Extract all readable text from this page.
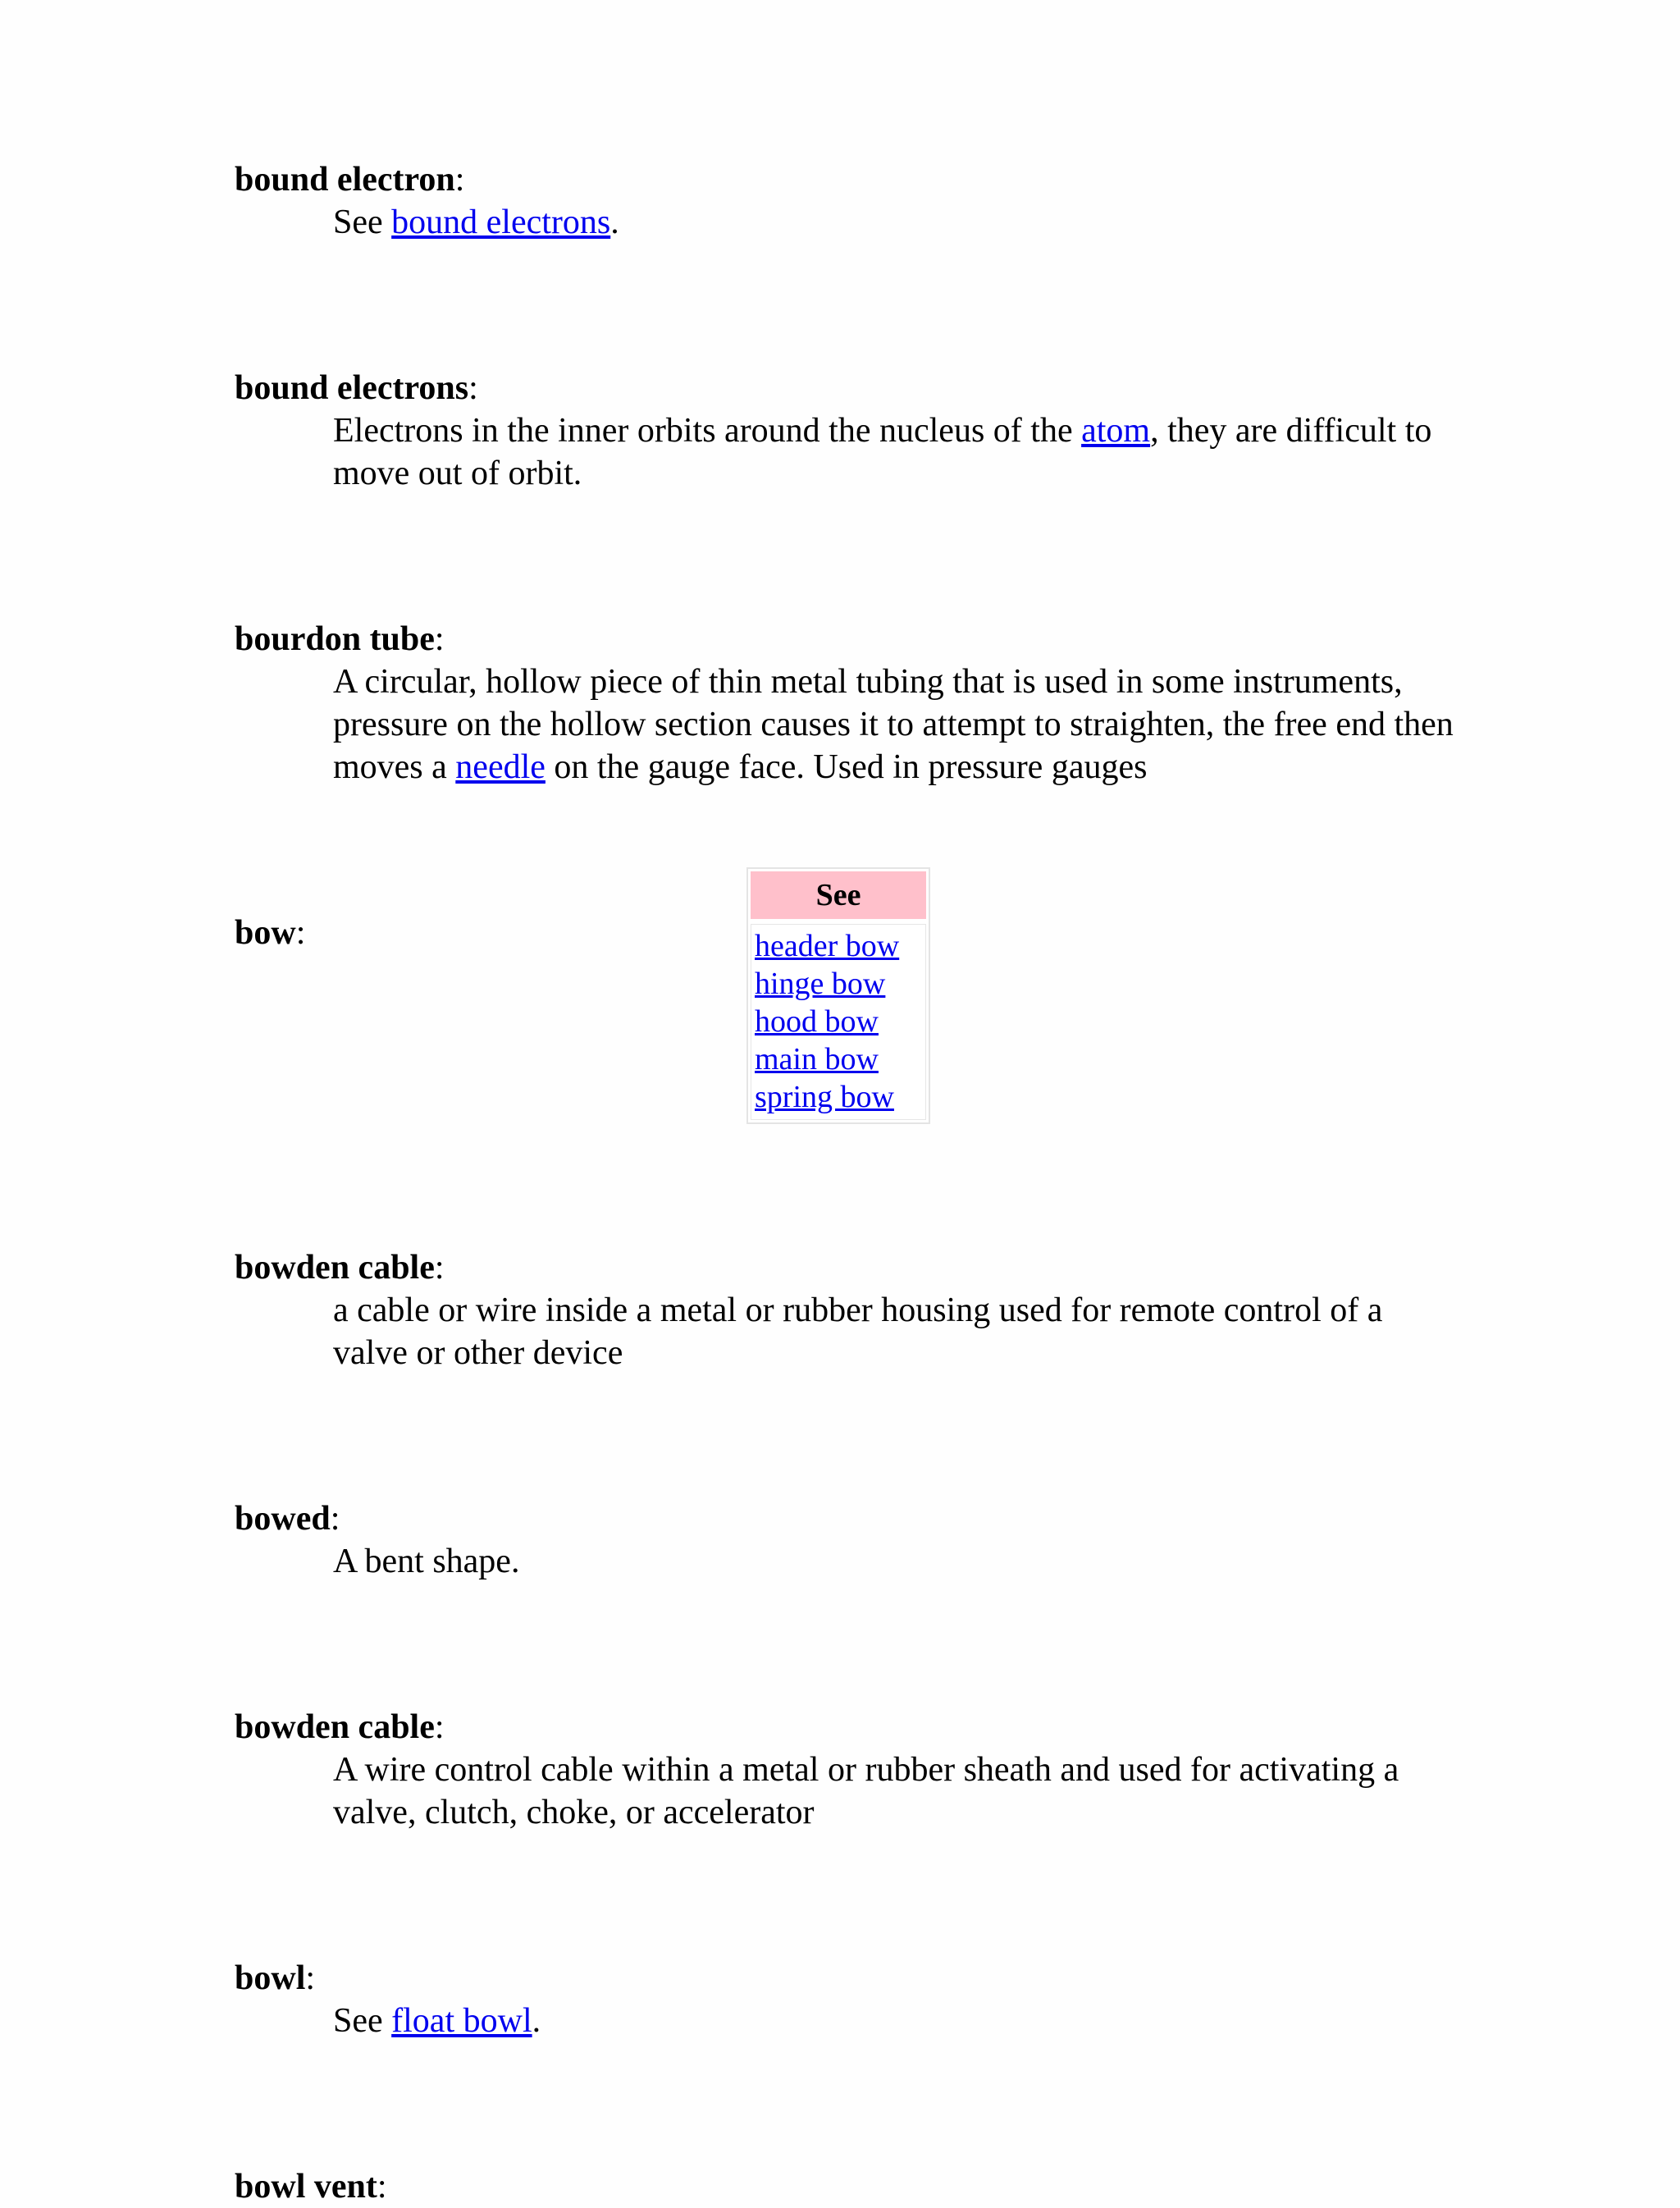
bound electron:

See bound electrons.

bound electrons:

Electrons in the inner orbits around the nucleus of the atom, they are difficult to move out of orbit.

bourdon tube:

A circular, hollow piece of thin metal tubing that is used in some instruments, pressure on the hollow section causes it to attempt to straighten, the free end then moves a needle on the gauge face. Used in pressure gauges

bow:

bowden cable:

a cable or wire inside a metal or rubber housing used for remote control of a valve or other device

bowed:

A bent shape.

bowden cable:

A wire control cable within a metal or rubber sheath and used for activating a valve, clutch, choke, or accelerator

bowl:

See float bowl.

bowl vent:

See
header bow
hinge bow
hood bow
main bow
spring bow
